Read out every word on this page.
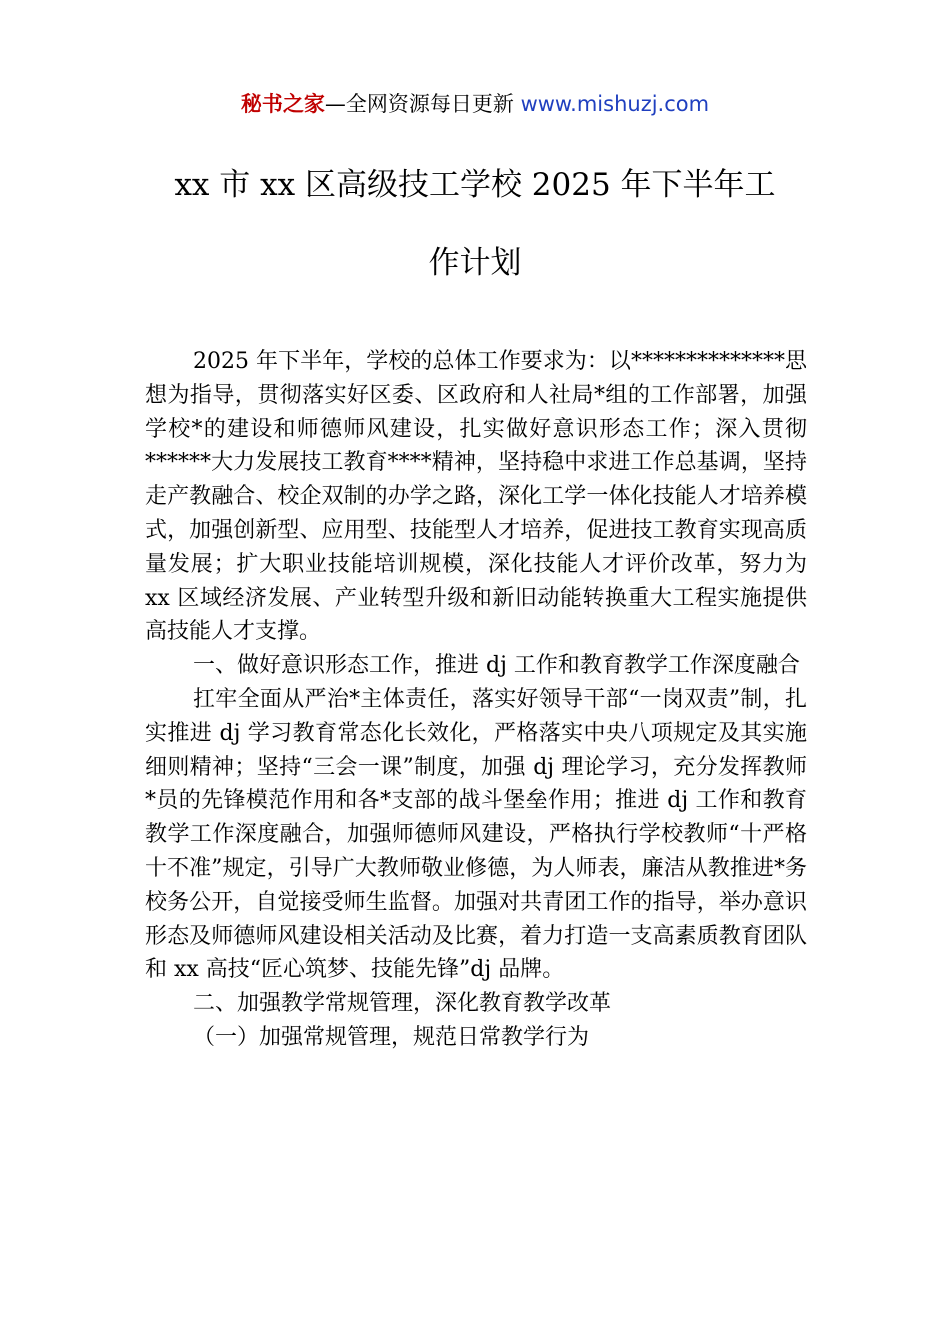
秘书之家—全网资源每日更新 www.mishuzj.com
xx 市 xx 区高级技工学校 2025 年下半年工
作计划

2025 年下半年，学校的总体工作要求为：以**************思想为指导，贯彻落实好区委、区政府和人社局*组的工作部署，加强学校*的建设和师德师风建设，扎实做好意识形态工作；深入贯彻******大力发展技工教育****精神，坚持稳中求进工作总基调，坚持走产教融合、校企双制的办学之路，深化工学一体化技能人才培养模式，加强创新型、应用型、技能型人才培养，促进技工教育实现高质量发展；扩大职业技能培训规模，深化技能人才评价改革，努力为 xx 区域经济发展、产业转型升级和新旧动能转换重大工程实施提供高技能人才支撑。

一、做好意识形态工作，推进 dj 工作和教育教学工作深度融合

扛牢全面从严治*主体责任，落实好领导干部“一岗双责”制，扎实推进 dj 学习教育常态化长效化，严格落实中央八项规定及其实施细则精神；坚持“三会一课”制度，加强 dj 理论学习，充分发挥教师*员的先锋模范作用和各*支部的战斗堡垒作用；推进 dj 工作和教育教学工作深度融合，加强师德师风建设，严格执行学校教师“十严格十不准”规定，引导广大教师敬业修德，为人师表，廉洁从教推进*务校务公开，自觉接受师生监督。加强对共青团工作的指导，举办意识形态及师德师风建设相关活动及比赛，着力打造一支高素质教育团队和 xx 高技“匠心筑梦、技能先锋”dj 品牌。

二、加强教学常规管理，深化教育教学改革

（一）加强常规管理，规范日常教学行为
